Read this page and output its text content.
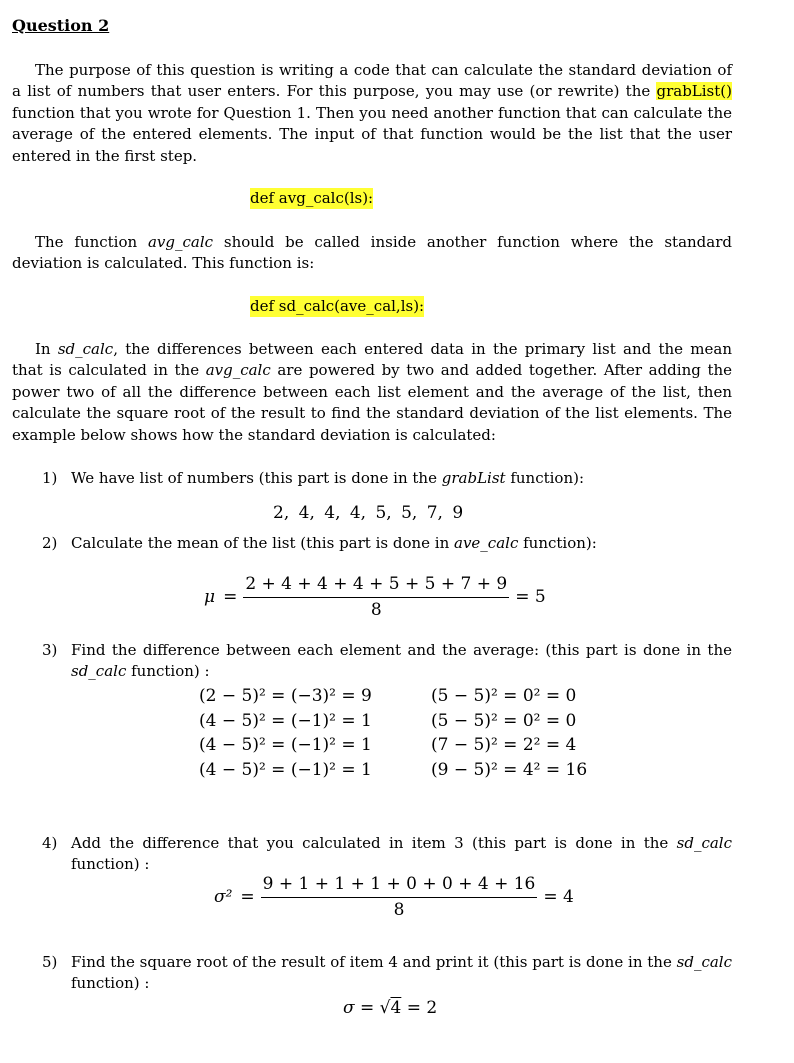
Question 2

The purpose of this question is writing a code that can calculate the standard deviation of a list of numbers that user enters. For this purpose, you may use (or rewrite) the grabList() function that you wrote for Question 1. Then you need another function that can calculate the average of the entered elements. The input of that function would be the list that the user entered in the first step.

def avg_calc(ls):

The function avg_calc should be called inside another function where the standard deviation is calculated. This function is:

def sd_calc(ave_cal,ls):

In sd_calc, the differences between each entered data in the primary list and the mean that is calculated in the avg_calc are powered by two and added together. After adding the power two of all the difference between each list element and the average of the list, then calculate the square root of the result to find the standard deviation of the list elements. The example below shows how the standard deviation is calculated:

1) We have list of numbers (this part is done in the grabList function):
2, 4, 4, 4, 5, 5, 7, 9
2) Calculate the mean of the list (this part is done in ave_calc function):
$\mu = \frac{2 + 4 + 4 + 4 + 5 + 5 + 7 + 9}{8} = 5$
3) Find the difference between each element and the average: (this part is done in the sd_calc function) :
(2 − 5)² = (−3)² = 9
(4 − 5)² = (−1)² = 1
(4 − 5)² = (−1)² = 1
(4 − 5)² = (−1)² = 1
(5 − 5)² = 0² = 0
(5 − 5)² = 0² = 0
(7 − 5)² = 2² = 4
(9 − 5)² = 4² = 16
4) Add the difference that you calculated in item 3 (this part is done in the sd_calc function) :
$\sigma^2 = \frac{9 + 1 + 1 + 1 + 0 + 0 + 4 + 16}{8} = 4$
5) Find the square root of the result of item 4 and print it (this part is done in the sd_calc function) :
σ = √4 = 2
